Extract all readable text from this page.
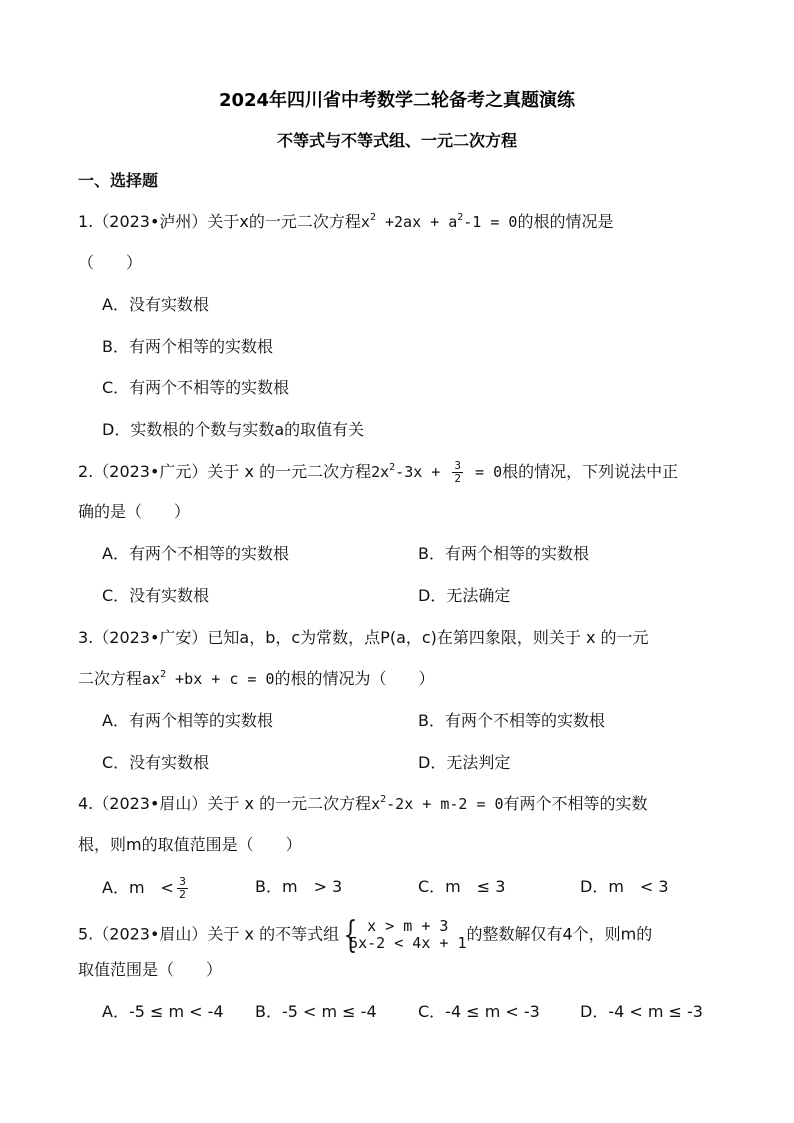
2024年四川省中考数学二轮备考之真题演练
不等式与不等式组、一元二次方程
一、选择题
1.（2023•泸州）关于x的一元二次方程$x^2 +2ax + a^2-1 = 0$的根的情况是
（　　）
A．没有实数根
B．有两个相等的实数根
C．有两个不相等的实数根
D．实数根的个数与实数a的取值有关
2.（2023•广元）关于 x 的一元二次方程$2x^2-3x + \frac{3}{2} = 0$根的情况，下列说法中正
确的是（　　）
A．有两个不相等的实数根	B．有两个相等的实数根
C．没有实数根	D．无法确定
3.（2023•广安）已知a，b，c为常数，点P(a，c)在第四象限，则关于 x 的一元
二次方程$ax^2 +bx + c = 0$的根的情况为（　　）
A．有两个相等的实数根	B．有两个不相等的实数根
C．没有实数根	D．无法判定
4.（2023•眉山）关于 x 的一元二次方程$x^2-2x + m-2 = 0$有两个不相等的实数
根，则m的取值范围是（　　）
A．m　< $\frac{3}{2}$	B．m　> 3	C．m　≤ 3	D．m　< 3
5.（2023•眉山）关于 x 的不等式组 {
x > m + 3
5x-2 < 4x + 1 的整数解仅有4个，则m的
取值范围是（　　）
A．-5 ≤ m < -4 B．-5 < m ≤ -4	C．-4 ≤ m < -3	D．-4 < m ≤ -3
